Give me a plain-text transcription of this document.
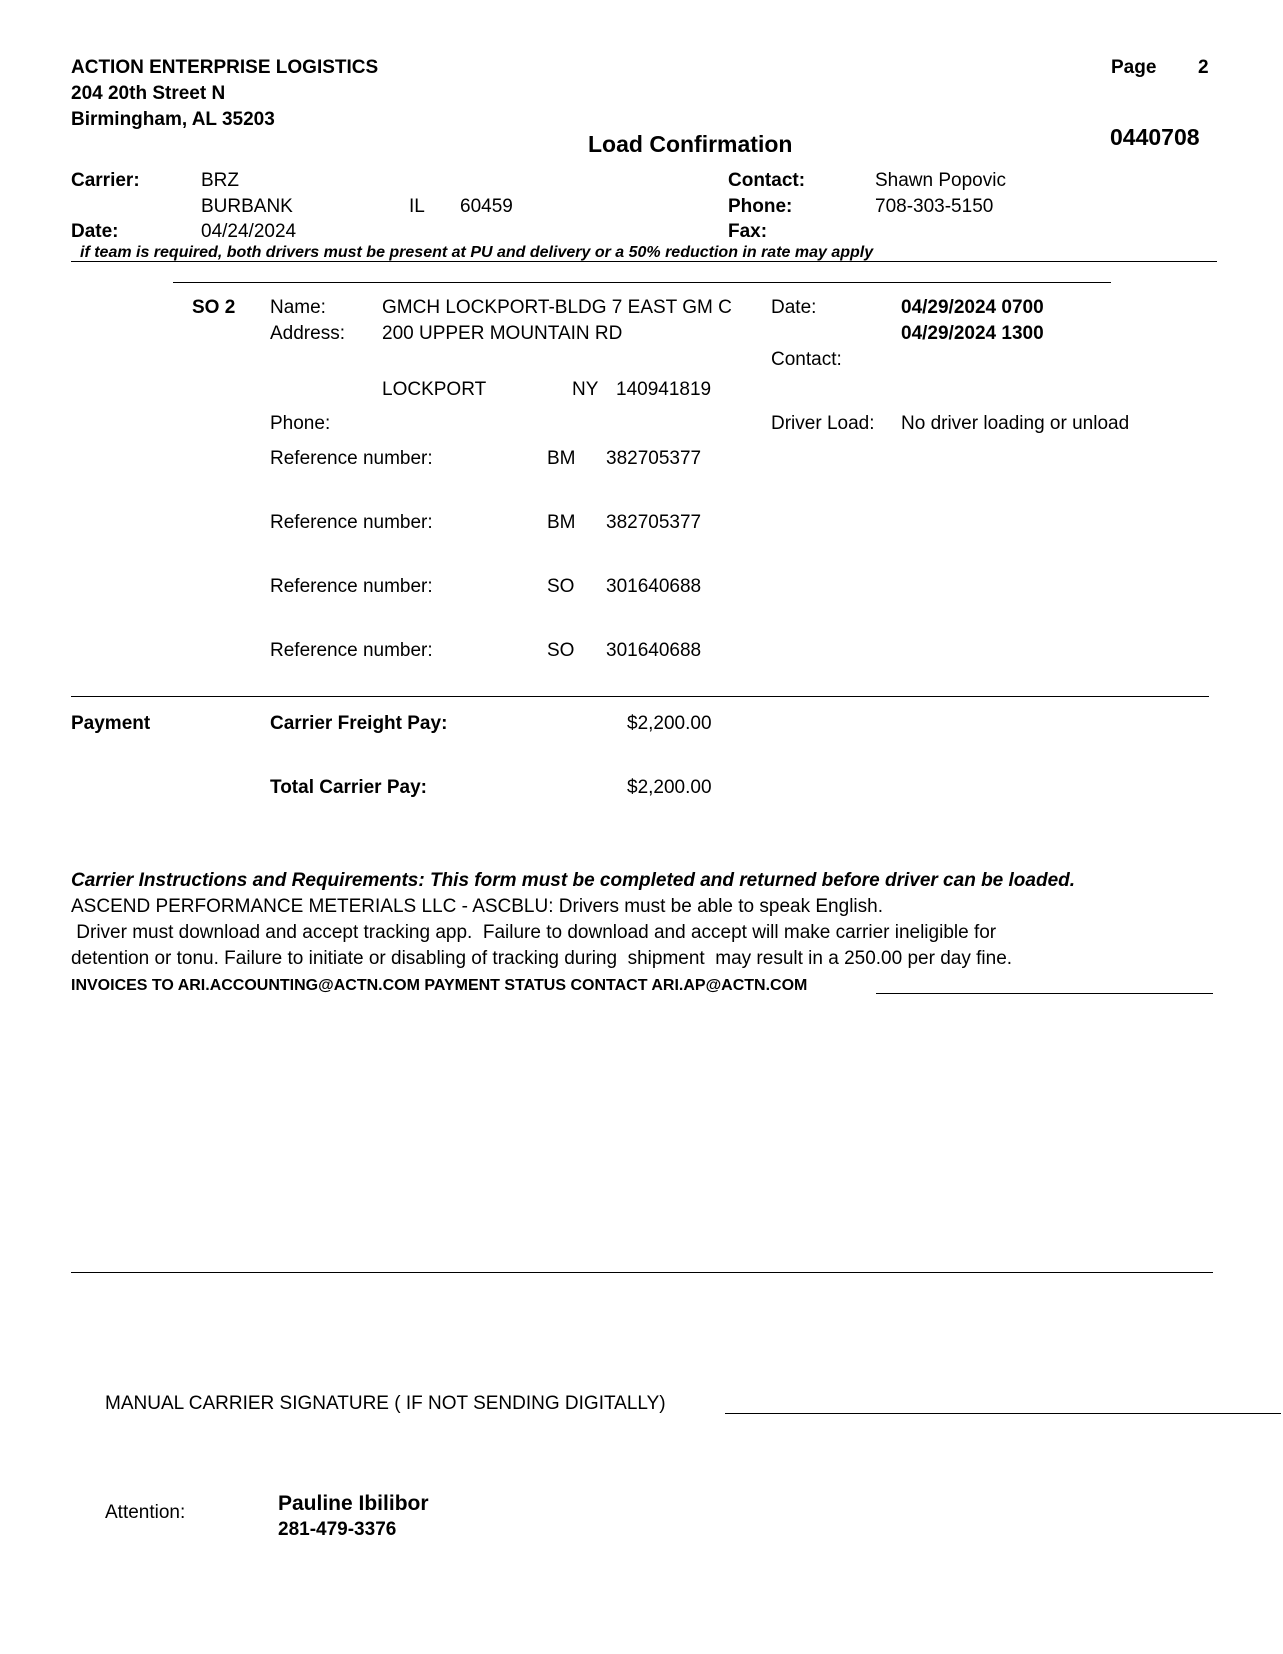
ACTION ENTERPRISE LOGISTICS
204 20th Street N
Birmingham, AL 35203
Page 2
Load Confirmation	0440708
Carrier:	BRZ
BURBANK	IL 60459
Date:	04/24/2024
Contact:	Shawn Popovic
Phone:	708-303-5150
Fax:
if team is required, both drivers must be present at PU and delivery or a 50% reduction in rate may apply
SO 2 Name:	GMCH LOCKPORT-BLDG 7 EAST GM C Date:	04/29/2024 0700
Address: 200 UPPER MOUNTAIN RD	04/29/2024 1300
Contact:
LOCKPORT	NY 140941819
Phone:	Driver Load: No driver loading or unload
Reference number:	BM 382705377
Reference number:	BM 382705377
Reference number:	SO 301640688
Reference number:	SO 301640688
Payment	Carrier Freight Pay:	$2,200.00
Total Carrier Pay:	$2,200.00
Carrier Instructions and Requirements: This form must be completed and returned before driver can be loaded.
ASCEND PERFORMANCE METERIALS LLC - ASCBLU: Drivers must be able to speak English.
Driver must download and accept tracking app.  Failure to download and accept will make carrier ineligible for
detention or tonu. Failure to initiate or disabling of tracking during  shipment  may result in a 250.00 per day fine.
INVOICES TO ARI.ACCOUNTING@ACTN.COM PAYMENT STATUS CONTACT ARI.AP@ACTN.COM
MANUAL CARRIER SIGNATURE ( IF NOT SENDING DIGITALLY)
Attention:	Pauline Ibilibor
281-479-3376
